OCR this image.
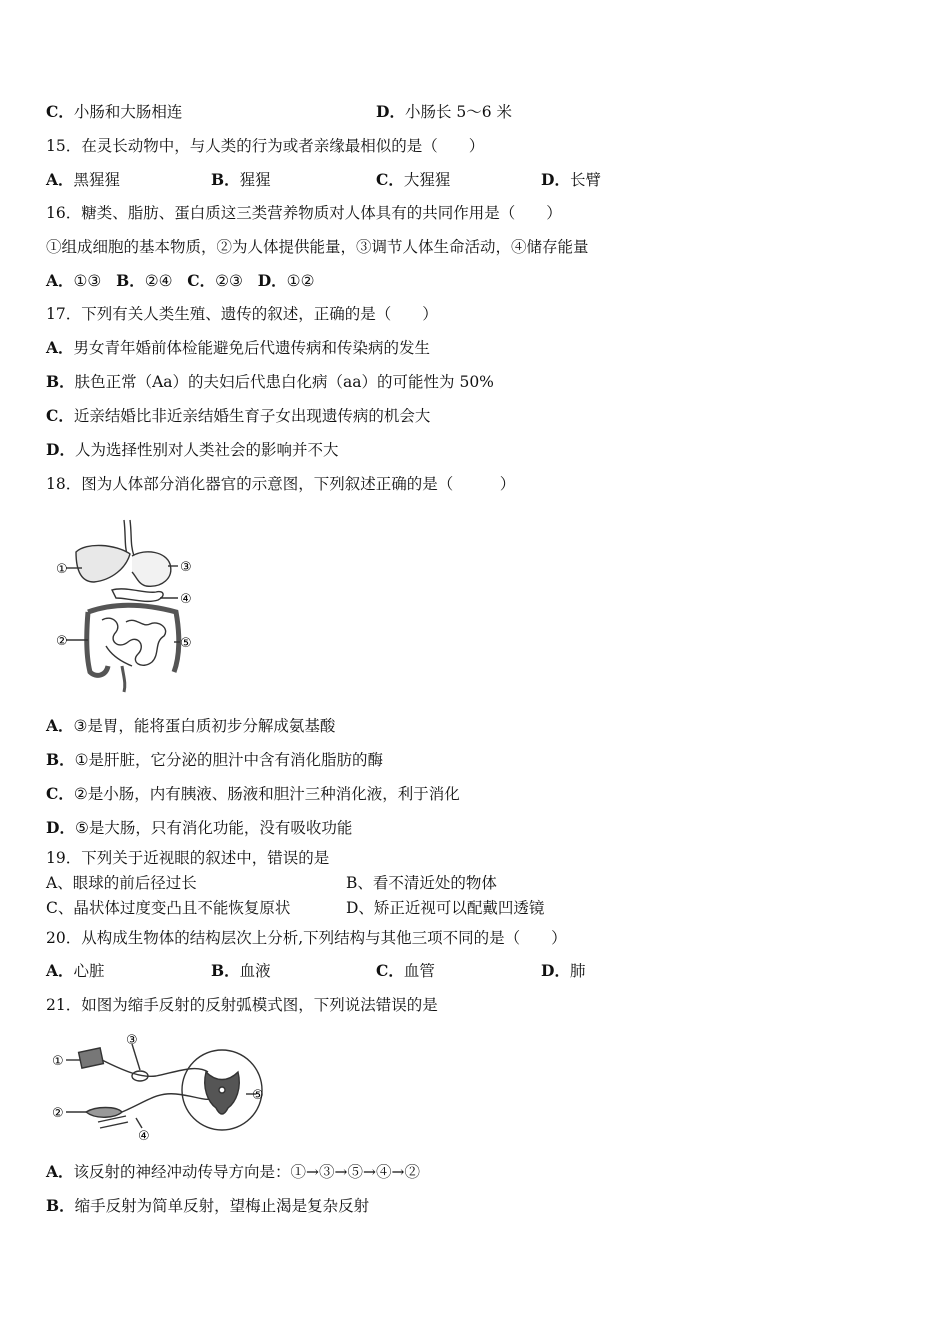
C．小肠和大肠相连	D．小肠长 5～6 米
15．在灵长动物中，与人类的行为或者亲缘最相似的是（　　）
A．黑猩猩	B．猩猩	C．大猩猩	D．长臂
16．糖类、脂肪、蛋白质这三类营养物质对人体具有的共同作用是（　　）
①组成细胞的基本物质，②为人体提供能量，③调节人体生命活动，④储存能量
A．①③ B．②④ C．②③ D．①②
17．下列有关人类生殖、遗传的叙述，正确的是（　　）
A．男女青年婚前体检能避免后代遗传病和传染病的发生
B．肤色正常（Aa）的夫妇后代患白化病（aa）的可能性为 50%
C．近亲结婚比非近亲结婚生育子女出现遗传病的机会大
D．人为选择性别对人类社会的影响并不大
18．图为人体部分消化器官的示意图，下列叙述正确的是（　　　）
①
②
③
④
⑤
A．③是胃，能将蛋白质初步分解成氨基酸
B．①是肝脏，它分泌的胆汁中含有消化脂肪的酶
C．②是小肠，内有胰液、肠液和胆汁三种消化液，利于消化
D．⑤是大肠，只有消化功能，没有吸收功能
19．下列关于近视眼的叙述中，错误的是
A、眼球的前后径过长	B、看不清近处的物体
C、晶状体过度变凸且不能恢复原状	D、矫正近视可以配戴凹透镜
20．从构成生物体的结构层次上分析,下列结构与其他三项不同的是（　　）
A．心脏	B．血液	C．血管	D．肺
21．如图为缩手反射的反射弧模式图，下列说法错误的是
①
②
③
④
⑤
A．该反射的神经冲动传导方向是：①→③→⑤→④→②
B．缩手反射为简单反射，望梅止渴是复杂反射
